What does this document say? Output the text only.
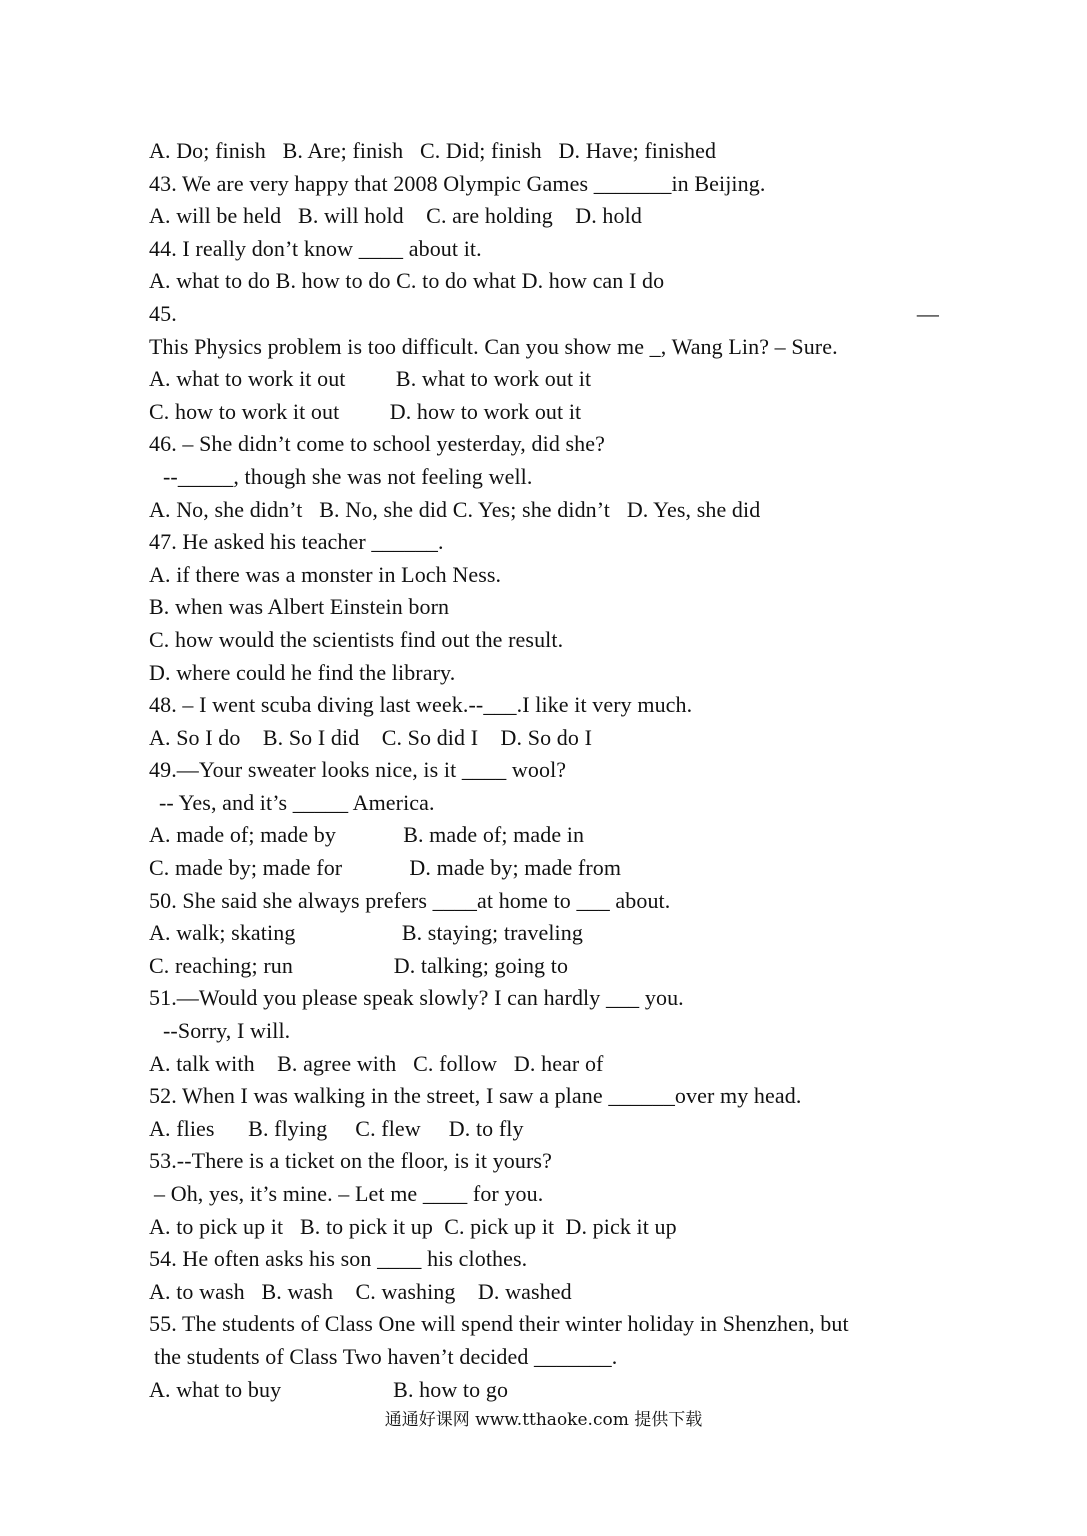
A. Do; finish   B. Are; finish   C. Did; finish   D. Have; finished
43. We are very happy that 2008 Olympic Games _______in Beijing.
A. will be held   B. will hold    C. are holding    D. hold
44. I really don’t know ____ about it.
A. what to do B. how to do C. to do what D. how can I do
45.	—
This Physics problem is too difficult. Can you show me _, Wang Lin? – Sure.
A. what to work it out         B. what to work out it
C. how to work it out         D. how to work out it
46. – She didn’t come to school yesterday, did she?
--_____, though she was not feeling well.
A. No, she didn’t   B. No, she did C. Yes; she didn’t   D. Yes, she did
47. He asked his teacher ______.
A. if there was a monster in Loch Ness.
B. when was Albert Einstein born
C. how would the scientists find out the result.
D. where could he find the library.
48. – I went scuba diving last week.--___.I like it very much.
A. So I do    B. So I did    C. So did I    D. So do I
49.—Your sweater looks nice, is it ____ wool?
-- Yes, and it’s _____ America.
A. made of; made by            B. made of; made in
C. made by; made for            D. made by; made from
50. She said she always prefers ____at home to ___ about.
A. walk; skating                   B. staying; traveling
C. reaching; run                  D. talking; going to
51.—Would you please speak slowly? I can hardly ___ you.
--Sorry, I will.
A. talk with    B. agree with   C. follow   D. hear of
52. When I was walking in the street, I saw a plane ______over my head.
A. flies      B. flying     C. flew     D. to fly
53.--There is a ticket on the floor, is it yours?
– Oh, yes, it’s mine. – Let me ____ for you.
A. to pick up it   B. to pick it up  C. pick up it  D. pick it up
54. He often asks his son ____ his clothes.
A. to wash   B. wash    C. washing    D. washed
55. The students of Class One will spend their winter holiday in Shenzhen, but
the students of Class Two haven’t decided _______.
A. what to buy                    B. how to go
通通好课网 www.tthaoke.com 提供下载
